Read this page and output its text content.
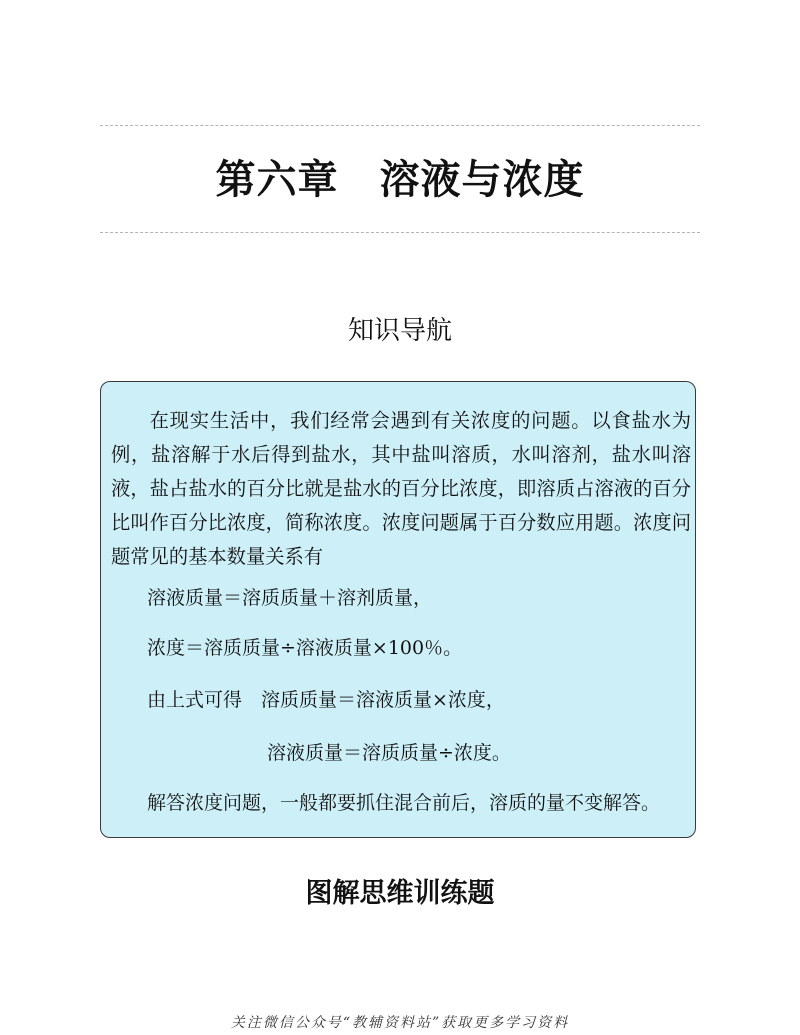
第六章　溶液与浓度
知识导航

在现实生活中，我们经常会遇到有关浓度的问题。以食盐水为例，盐溶解于水后得到盐水，其中盐叫溶质，水叫溶剂，盐水叫溶液，盐占盐水的百分比就是盐水的百分比浓度，即溶质占溶液的百分比叫作百分比浓度，简称浓度。浓度问题属于百分数应用题。浓度问题常见的基本数量关系有

溶液质量＝溶质质量＋溶剂质量，

浓度＝溶质质量÷溶液质量×100％。

由上式可得　溶质质量＝溶液质量×浓度，

溶液质量＝溶质质量÷浓度。

解答浓度问题，一般都要抓住混合前后，溶质的量不变解答。

图解思维训练题
关注微信公众号“教辅资料站”获取更多学习资料
